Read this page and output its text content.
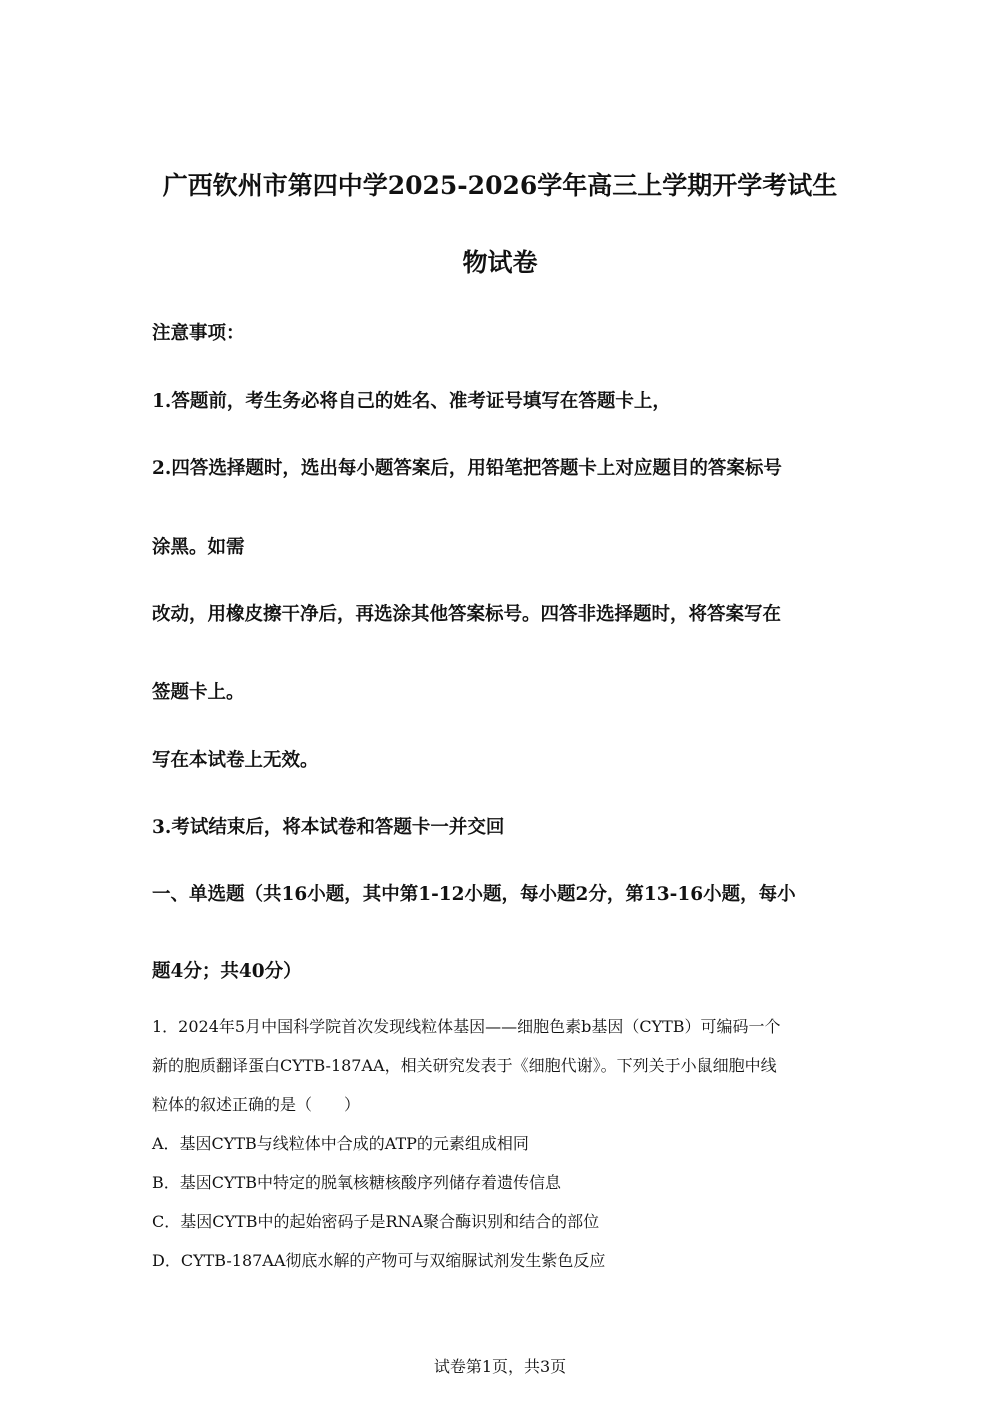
广西钦州市第四中学2025-2026学年高三上学期开学考试生
物试卷
注意事项：
1.答题前，考生务必将自己的姓名、准考证号填写在答题卡上，
2.四答选择题时，选出每小题答案后，用铅笔把答题卡上对应题目的答案标号
涂黑。如需
改动，用橡皮擦干净后，再选涂其他答案标号。四答非选择题时，将答案写在
签题卡上。
写在本试卷上无效。
3.考试结束后，将本试卷和答题卡一并交回
一、单选题（共16小题，其中第1-12小题，每小题2分，第13-16小题，每小
题4分；共40分）
1．2024年5月中国科学院首次发现线粒体基因——细胞色素b基因（CYTB）可编码一个
新的胞质翻译蛋白CYTB-187AA，相关研究发表于《细胞代谢》。下列关于小鼠细胞中线
粒体的叙述正确的是（　　）
A．基因CYTB与线粒体中合成的ATP的元素组成相同
B．基因CYTB中特定的脱氧核糖核酸序列储存着遗传信息
C．基因CYTB中的起始密码子是RNA聚合酶识别和结合的部位
D．CYTB-187AA彻底水解的产物可与双缩脲试剂发生紫色反应
试卷第1页，共3页
